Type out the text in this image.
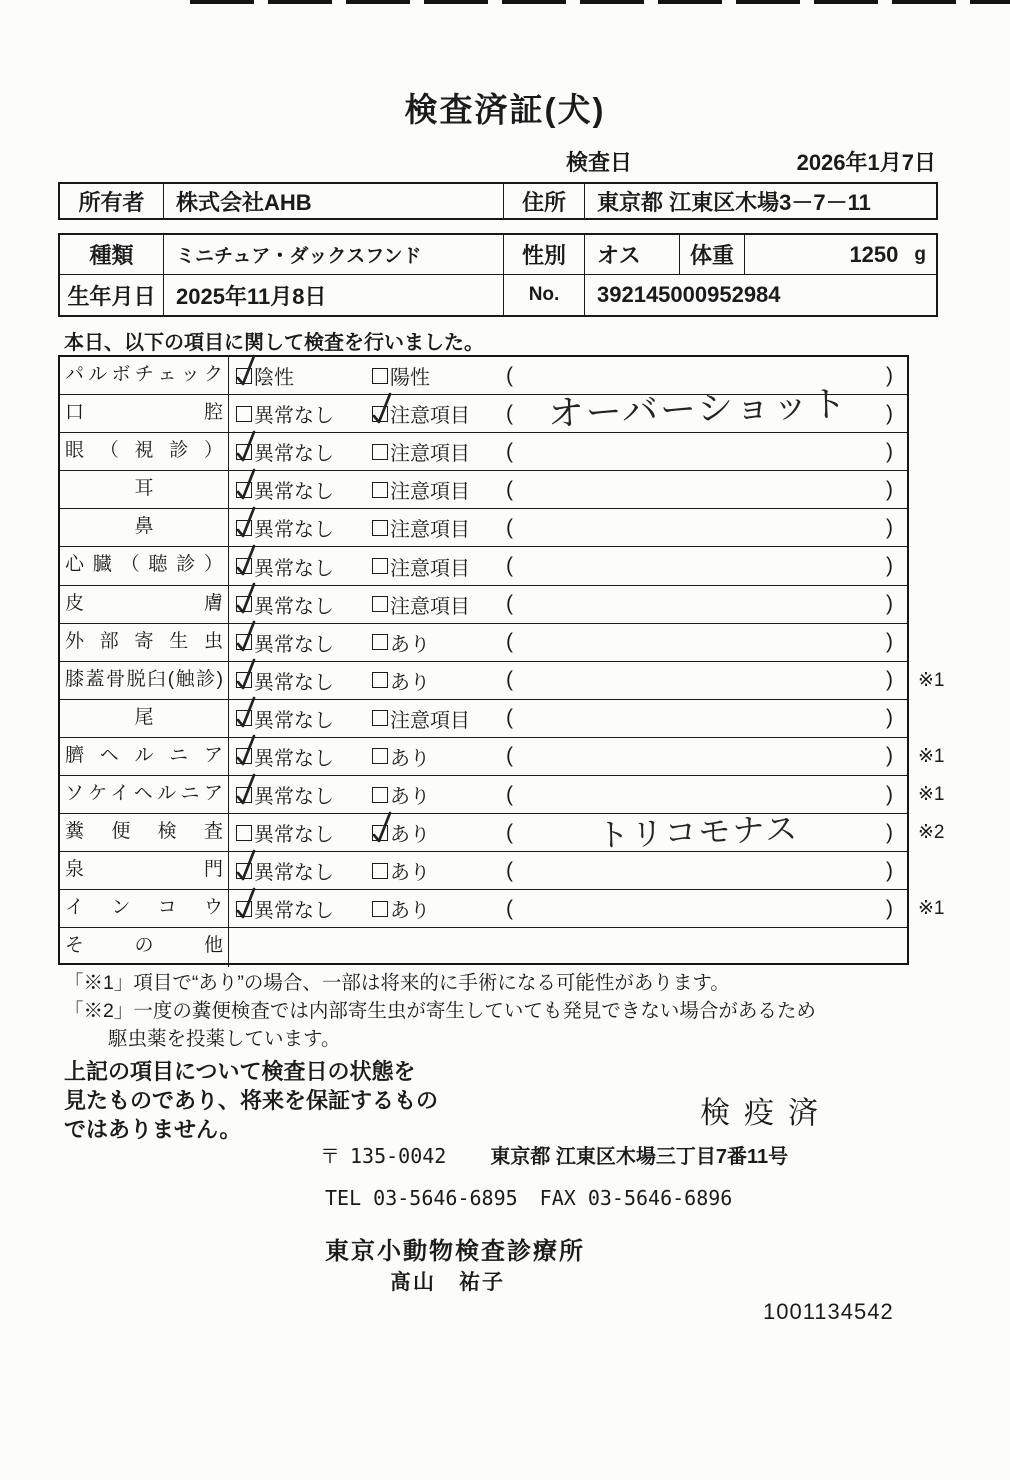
検査済証(犬)
検査日	2026年1月7日
所有者	株式会社AHB	住所	東京都 江東区木場3－7－11
種類	ミニチュア・ダックスフンド	性別	オス	体重	1250 g
生年月日 2025年11月8日	No.	392145000952984
本日、以下の項目に関して検査を行いました。
パルボチェック	陰性	陽性	(	)
口腔	異常なし	注意項目 ( オーバーショット	)
眼（視診）	異常なし	注意項目 (	)
耳	異常なし	注意項目 (	)
鼻	異常なし	注意項目 (	)
心臓（聴診）	異常なし	注意項目 (	)
皮膚	異常なし	注意項目 (	)
外部寄生虫	異常なし	あり	(	)
膝蓋骨脱臼(触診)	異常なし	あり	(	) ※1
尾	異常なし	注意項目 (	)
臍ヘルニア	異常なし	あり	(	) ※1
ソケイヘルニア	異常なし	あり	(	) ※1
糞便検査	異常なし	あり	(	トリコモナス	) ※2
泉門	異常なし	あり	(	)
インコウ	異常なし	あり	(	) ※1
その他
「※1」項目で“あり”の場合、一部は将来的に手術になる可能性があります。
「※2」一度の糞便検査では内部寄生虫が寄生していても発見できない場合があるため
駆虫薬を投薬しています。
上記の項目について検査日の状態を
見たものであり、将来を保証するもの
ではありません。	検疫済
〒 135-0042 東京都 江東区木場三丁目7番11号
TEL 03-5646-6895 FAX 03-5646-6896
東京小動物検査診療所
髙山　祐子
1001134542
